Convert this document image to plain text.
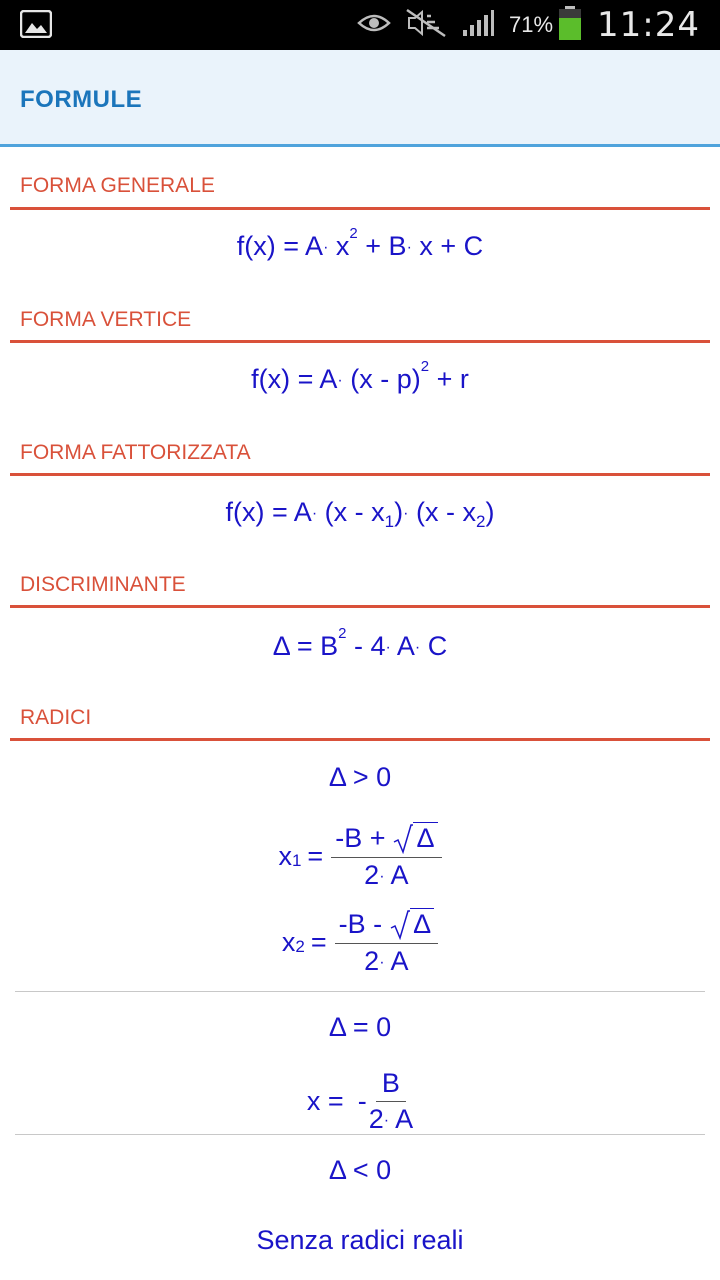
71% 11:24
FORMULE
FORMA GENERALE
$f(x) = A\cdot x^2 + B\cdot x + C$
FORMA VERTICE
f(x) = A· (x - p)$^2$ + r
FORMA FATTORIZZATA
$f(x) = A\cdot (x - x_1)\cdot (x - x_2)$
DISCRIMINANTE
$\Delta = B^2 - 4\cdot A\cdot C$
RADICI
Δ > 0
$x_1 = \frac{-B + \Delta}{2\cdot A}$
$x_2 = \frac{-B - \Delta}{2\cdot A}$
Δ = 0
x = - $\frac{B}{2\cdot A}$
Δ < 0
Senza radici reali
